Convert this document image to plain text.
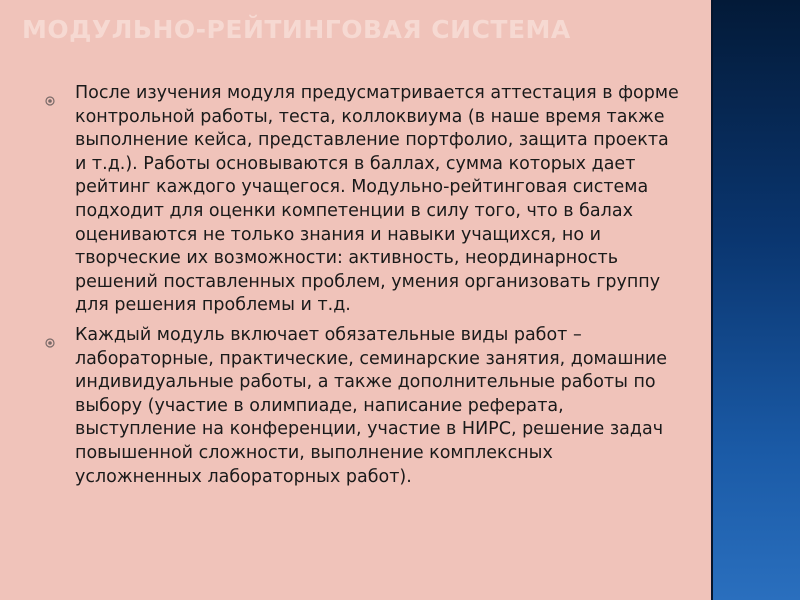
МОДУЛЬНО-РЕЙТИНГОВАЯ СИСТЕМА
После изучения модуля предусматривается аттестация в форме контрольной работы, теста, коллоквиума (в наше время также выполнение кейса, представление портфолио, защита проекта и т.д.). Работы основываются в баллах, сумма которых дает рейтинг каждого учащегося. Модульно-рейтинговая система подходит для оценки компетенции в силу того, что в балах оцениваются не только знания и навыки учащихся, но и творческие их возможности: активность, неординарность решений поставленных проблем, умения организовать группу для решения проблемы и т.д.
Каждый модуль включает обязательные виды работ – лабораторные, практические, семинарские занятия, домашние индивидуальные работы, а также дополнительные работы по выбору (участие в олимпиаде, написание реферата, выступление на конференции, участие в НИРС, решение задач повышенной сложности, выполнение комплексных усложненных лабораторных работ).
